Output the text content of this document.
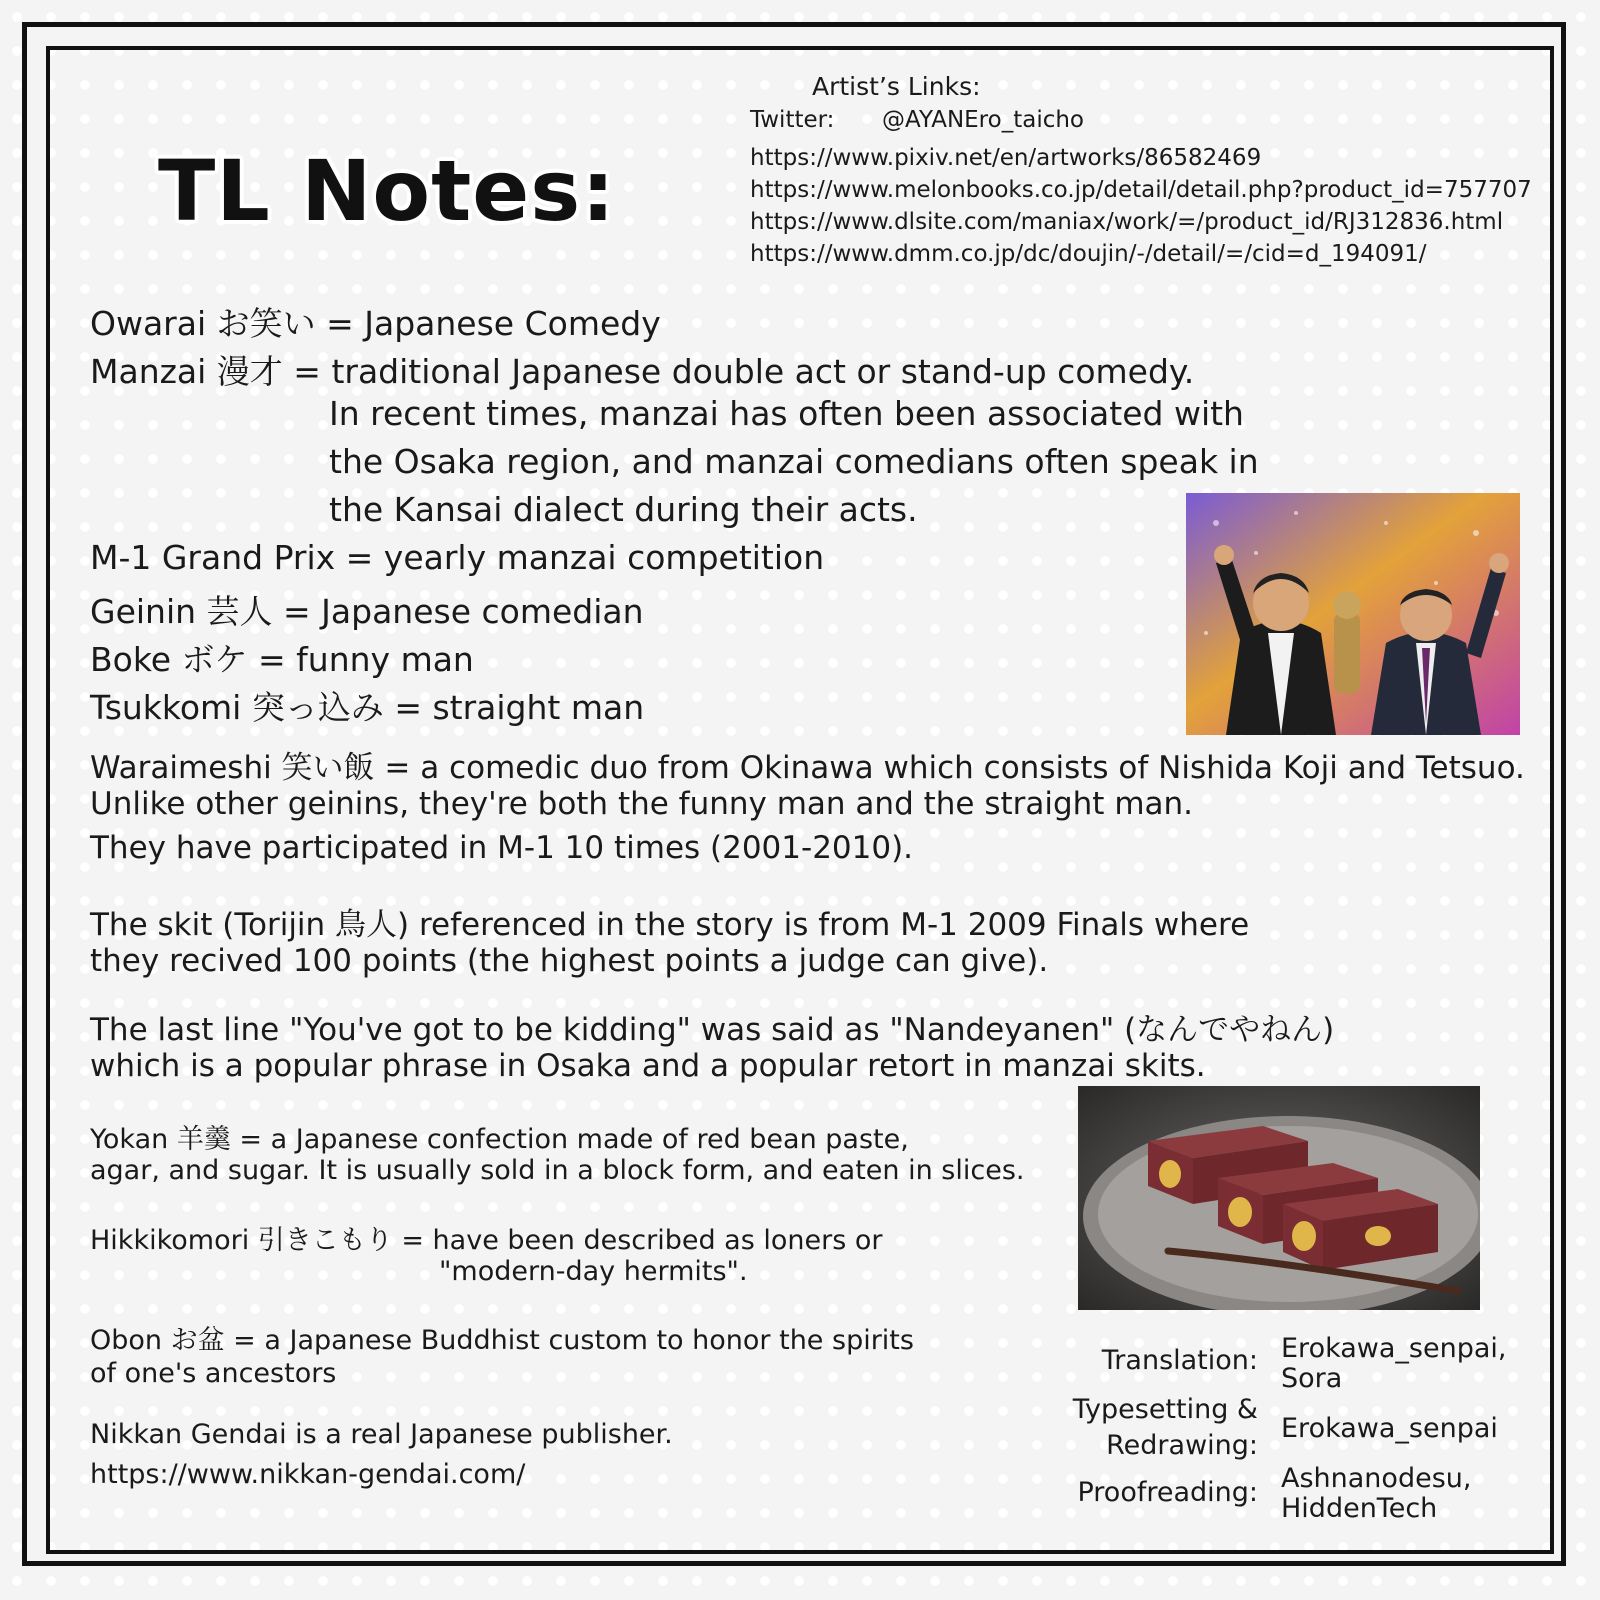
TL Notes:
Artist’s Links:
Twitter: @AYANEro_taicho
https://www.pixiv.net/en/artworks/86582469
https://www.melonbooks.co.jp/detail/detail.php?product_id=757707
https://www.dlsite.com/maniax/work/=/product_id/RJ312836.html
https://www.dmm.co.jp/dc/doujin/-/detail/=/cid=d_194091/
Owarai お笑い = Japanese Comedy
Manzai 漫才 = traditional Japanese double act or stand-up comedy.
In recent times, manzai has often been associated with
the Osaka region, and manzai comedians often speak in
the Kansai dialect during their acts.
M-1 Grand Prix = yearly manzai competition
Geinin 芸人 = Japanese comedian
Boke ボケ = funny man
Tsukkomi 突っ込み = straight man
Waraimeshi 笑い飯 = a comedic duo from Okinawa which consists of Nishida Koji and Tetsuo.
Unlike other geinins, they're both the funny man and the straight man.
They have participated in M-1 10 times (2001-2010).
The skit (Torijin 鳥人) referenced in the story is from M-1 2009 Finals where
they recived 100 points (the highest points a judge can give).
The last line "You've got to be kidding" was said as "Nandeyanen" (なんでやねん)
which is a popular phrase in Osaka and a popular retort in manzai skits.
Yokan 羊羹 = a Japanese confection made of red bean paste,
agar, and sugar. It is usually sold in a block form, and eaten in slices.
Hikkikomori 引きこもり = have been described as loners or
"modern-day hermits".
Obon お盆 = a Japanese Buddhist custom to honor the spirits
of one's ancestors
Nikkan Gendai is a real Japanese publisher.
https://www.nikkan-gendai.com/
Translation: Erokawa_senpai,
Sora
Typesetting &
Redrawing:
Erokawa_senpai
Proofreading: Ashnanodesu,
HiddenTech
